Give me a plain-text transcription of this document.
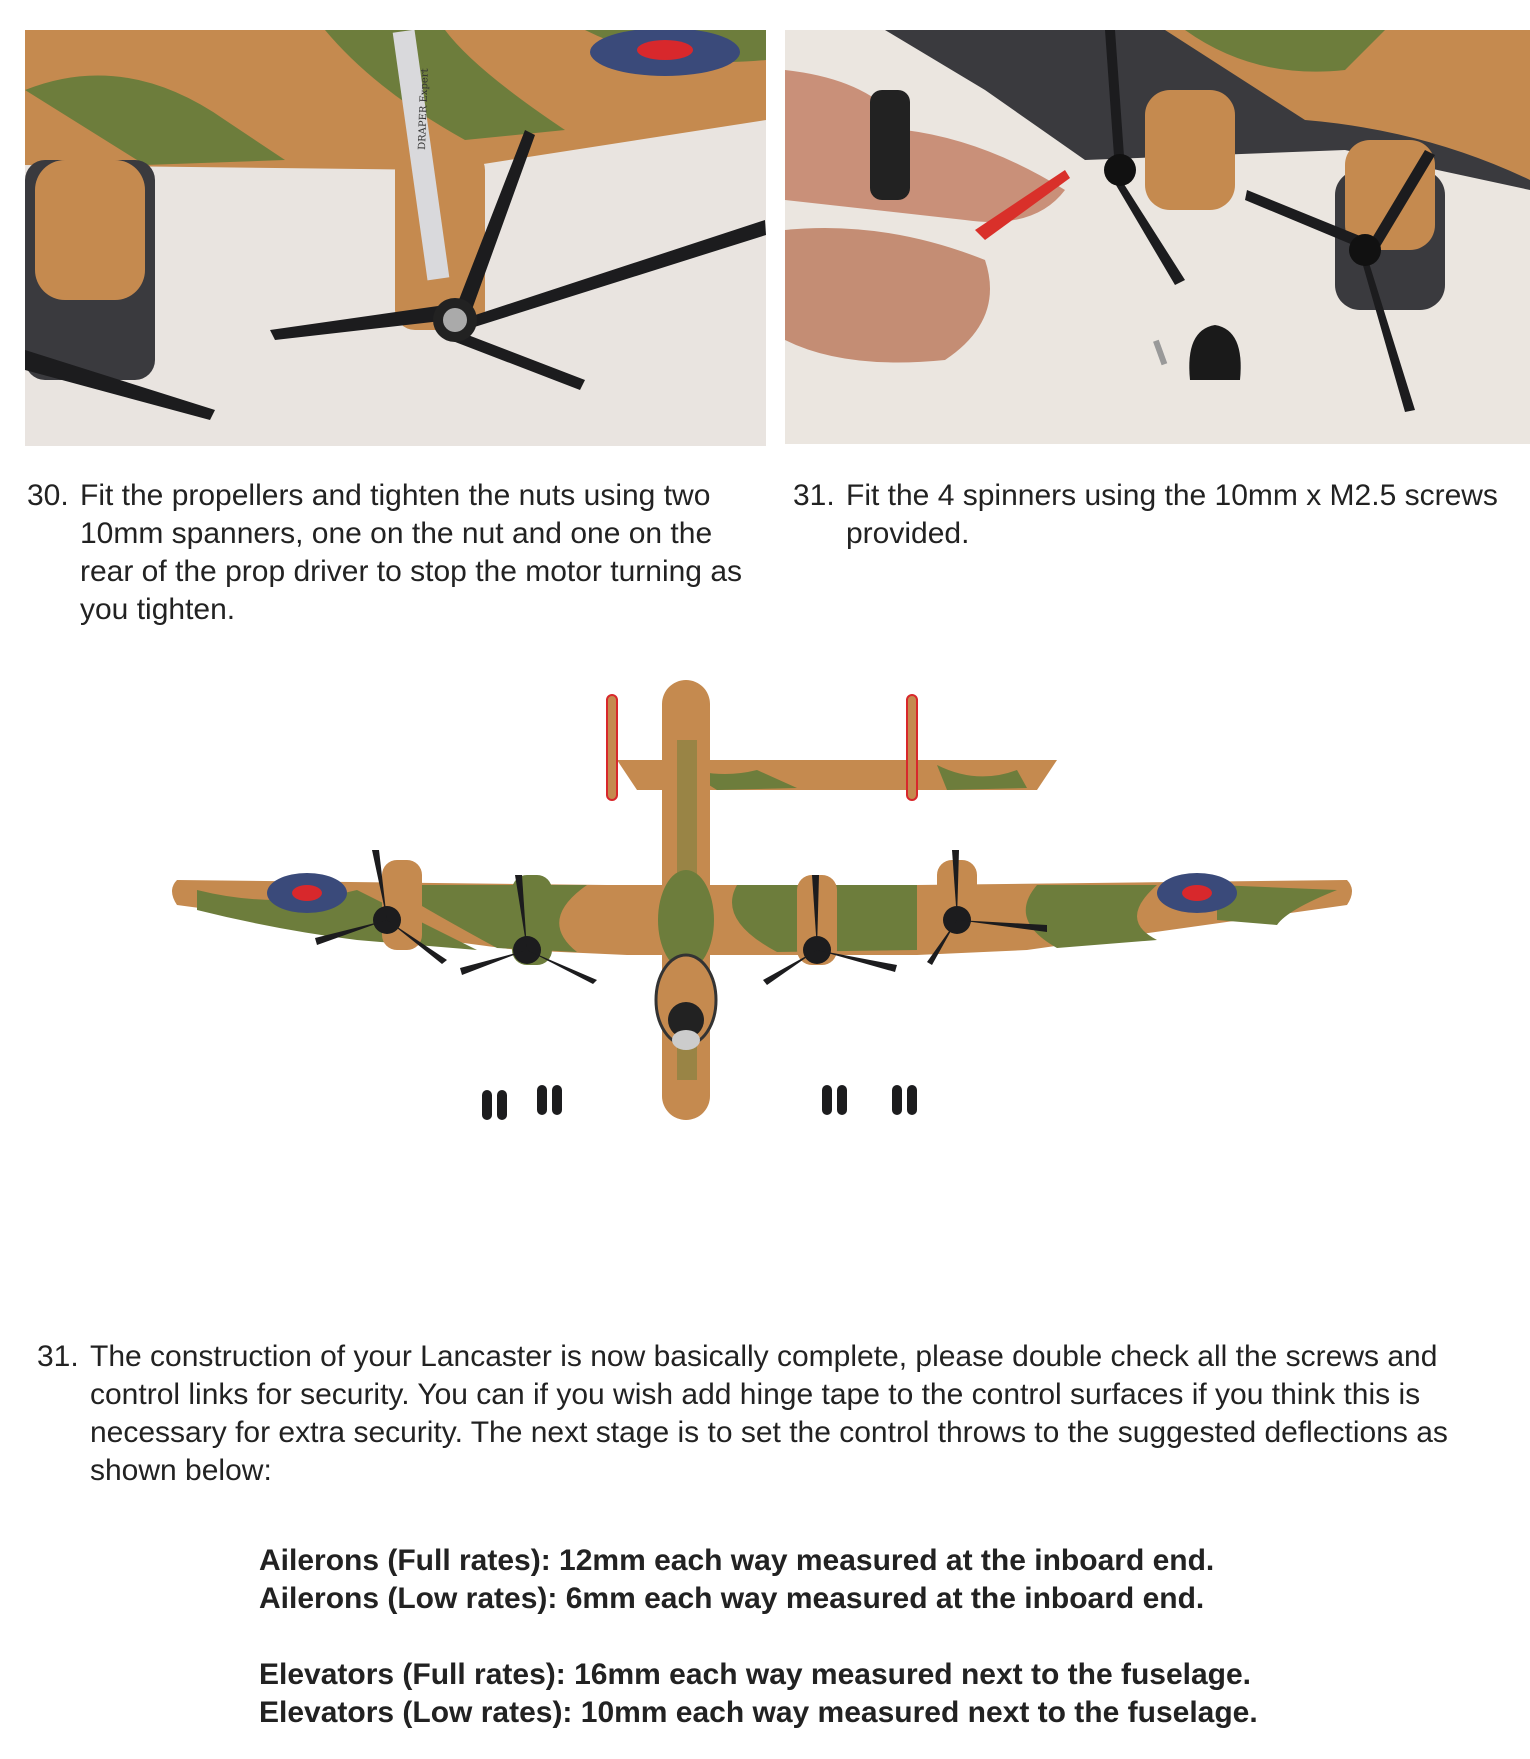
DRAPER Expert
30. Fit the propellers and tighten the nuts using two 10mm spanners, one on the nut and one on the rear of the prop driver to stop the motor turning as you tighten.
31. Fit the 4 spinners using the 10mm x M2.5 screws provided.
31. The construction of your Lancaster is now basically complete, please double check all the screws and control links for security. You can if you wish add hinge tape to the control surfaces if you think this is necessary for extra security. The next stage is to set the control throws to the suggested deflections as shown below:
Ailerons (Full rates): 12mm each way measured at the inboard end.
Ailerons (Low rates): 6mm each way measured at the inboard end.
Elevators (Full rates): 16mm each way measured next to the fuselage.
Elevators (Low rates): 10mm each way measured next to the fuselage.
